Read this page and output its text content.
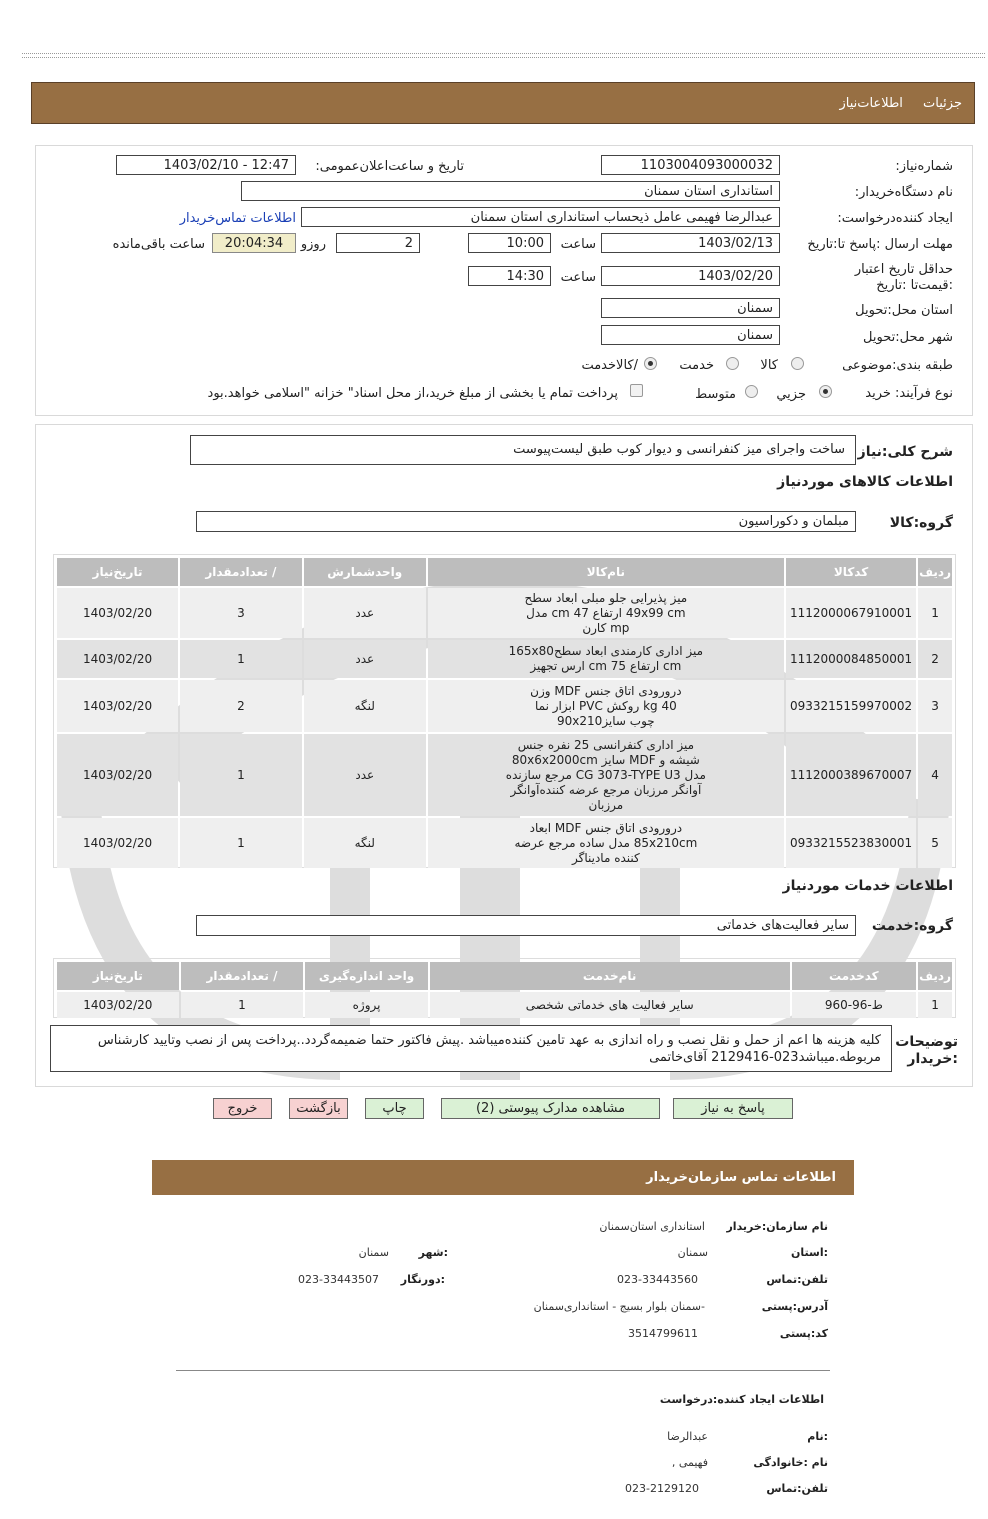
جزئیات اطلاعات‌نیاز
شماره‌نیاز:
1103004093000032
تاریخ و ساعت‌اعلان‌عمومی:
1403/02/10 - 12:47
نام دستگاه‌خریدار:
استانداری استان سمنان
ایجاد کننده‌درخواست:
عبدالرضا فهیمی عامل ذیحساب استانداری استان سمنان
اطلاعات تماس‌خریدار
مهلت ارسال :پاسخ تا:تاریخ
1403/02/13
ساعت
10:00
2
روزو
20:04:34
ساعت باقی‌مانده
حداقل تاریخ اعتبار :قیمت‌تا :تاریخ
1403/02/20
ساعت
14:30
استان محل:تحویل
سمنان
شهر محل:تحویل
سمنان
طبقه بندی:موضوعی
کالا
خدمت
/کالاخدمت
نوع فرآیند: خرید
جزيي
متوسط
پرداخت تمام یا بخشی از مبلغ خرید،از محل اسناد" خزانه "اسلامی خواهد.بود
شرح کلی:نیاز
ساخت واجرای میز کنفرانسی و دیوار کوب طبق لیست‌پیوست
اطلاعات کالاهای مورد‌نیاز
گروه:کالا
مبلمان و دکوراسیون
ردیف	کدکالا	نام‌کالا	واحدشمارش	/ تعدادمقدار	تاریخ‌نیاز
1	1112000067910001	میز پذیرایی جلو مبلی ابعاد سطح
49x99 cm ارتفاع 47 cm مدل
mp کارن	عدد	3	1403/02/20
2	1112000084850001	میز اداری کارمندی ابعاد سطح165x80
cm ارتفاع 75 cm ارس تجهیز	عدد	1	1403/02/20
3	0933215159970002	درورودی اتاق جنس MDF وزن
40 kg روکش PVC ابزار نما
چوب سایز90x210	لنگه	2	1403/02/20
4	1112000389670007	میز اداری کنفرانسی 25 نفره جنس
شیشه و MDF سایز 80x6x2000cm
مدل CG 3073-TYPE U3 مرجع سازنده
آوانگر مرزبان مرجع عرضه کننده‌آوانگر
مرزبان	عدد	1	1403/02/20
5	0933215523830001	درورودی اتاق جنس MDF ابعاد
85x210cm مدل ساده مرجع عرضه
کننده مادیناگر	لنگه	1	1403/02/20
اطلاعات خدمات موردنیاز
گروه:خدمت
سایر فعالیت‌های خدماتی
ردیف	کدخدمت	نام‌خدمت	واحد اندازه‌گیری	/ تعدادمقدار	تاریخ‌نیاز
1	ط-96-960	سایر فعالیت های خدماتی شخصی	پروژه	1	1403/02/20
توضیحات :خریدار
کلیه هزینه ها اعم از حمل و نقل نصب و راه اندازی به عهد تامین کننده‌میباشد .پیش فاکتور حتما ضمیمه‌گردد..پرداخت پس از نصب وتایید کارشناس مربوطه.میباشد023-2129416 آقای‌خاتمی
پاسخ به نیاز
مشاهده مدارک پیوستی (2)
چاپ
بازگشت
خروج
اطلاعات تماس سازمان‌خریدار
نام سازمان:خریدار
استانداری استان‌سمنان
:استان
سمنان
:شهر
سمنان
تلفن:تماس
023-33443560
:دورنگار
023-33443507
آدرس:پستی
-سمنان بلوار بسیج - استانداری‌سمنان
کد:پستی
3514799611
اطلاعات ایجاد کننده:درخواست
:نام
عبدالرضا
نام :خانوادگی
فهیمی ,
تلفن:تماس
023-2129120
